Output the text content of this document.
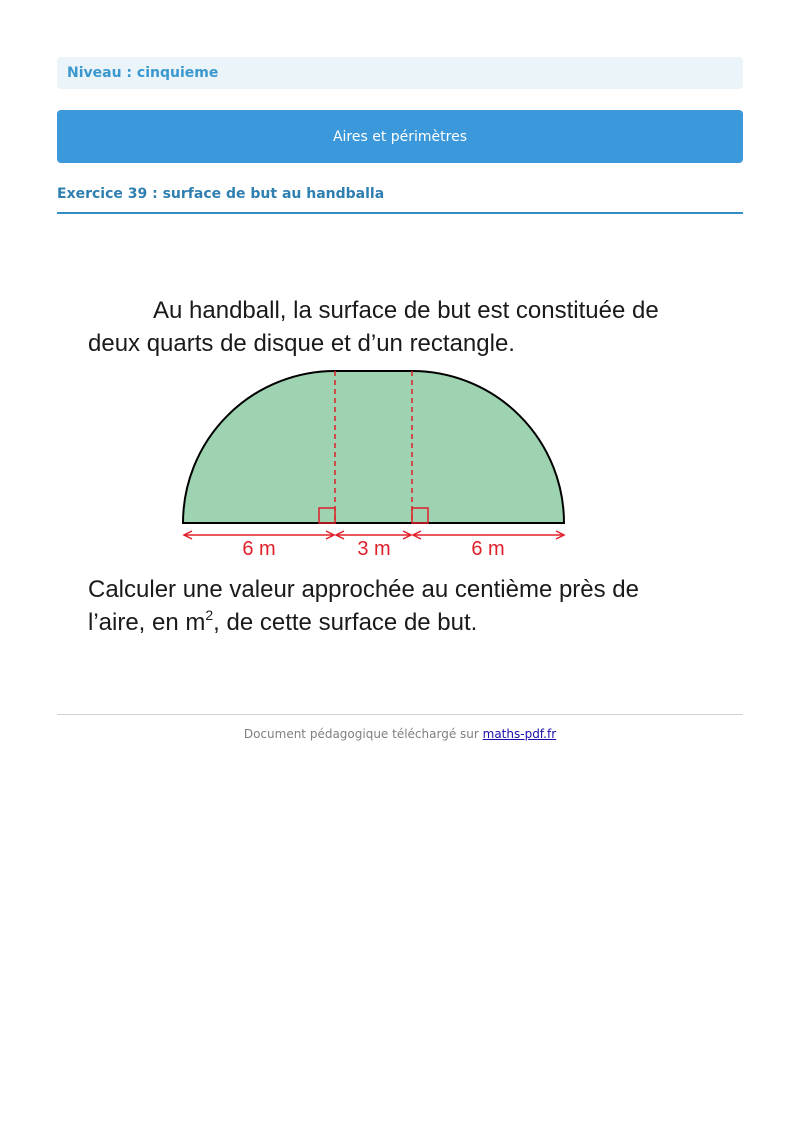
Niveau : cinquieme
Aires et périmètres
Exercice 39 : surface de but au handballa
Au handball, la surface de but est constituée de
deux quarts de disque et d’un rectangle.
6 m	3 m	6 m
Calculer une valeur approchée au centième près de
l’aire, en $m^2$, de cette surface de but.
Document pédagogique téléchargé sur maths-pdf.fr
